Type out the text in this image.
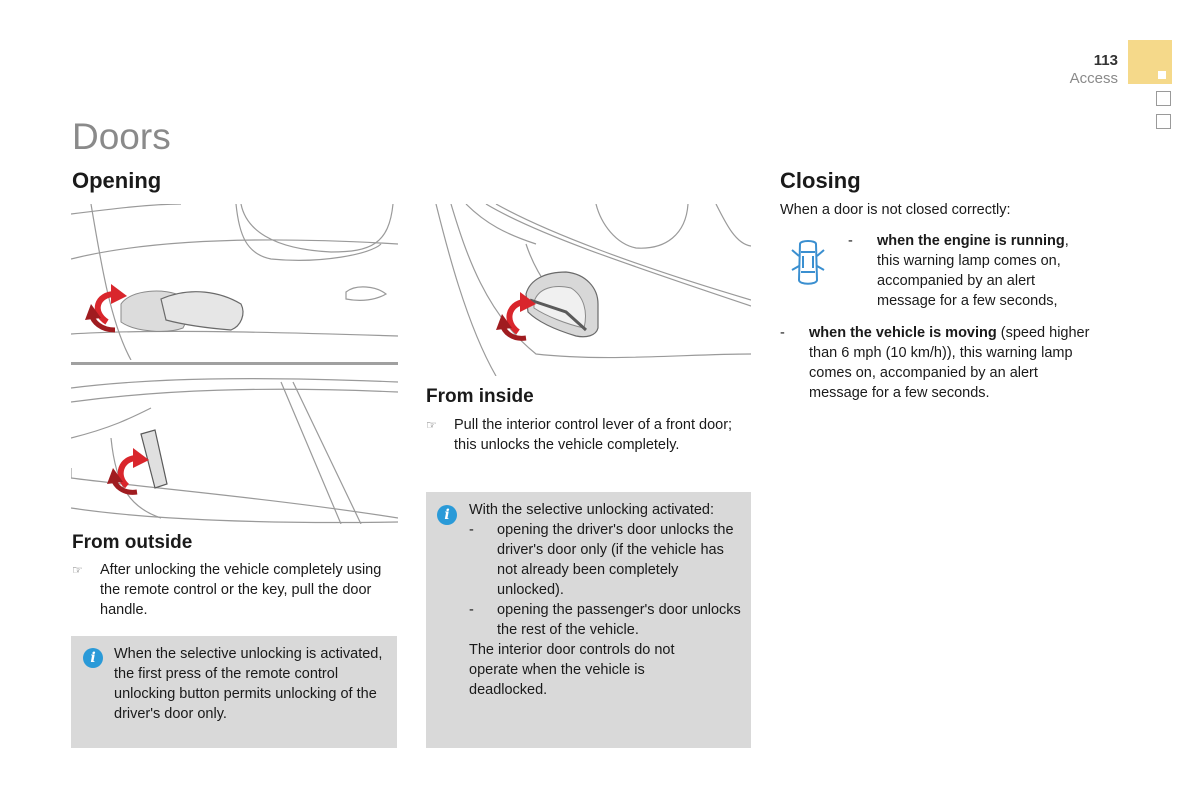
113
Access
Doors
Opening
From outside
☞ After unlocking the vehicle completely using the remote control or the key, pull the door handle.
i	When the selective unlocking is activated, the first press of the remote control unlocking button permits unlocking of the driver's door only.
From inside
☞ Pull the interior control lever of a front door; this unlocks the vehicle completely.
i	With the selective unlocking activated:
- opening the driver's door unlocks the driver's door only (if the vehicle has not already been completely unlocked).
- opening the passenger's door unlocks the rest of the vehicle.
The interior door controls do not operate when the vehicle is deadlocked.
Closing
When a door is not closed correctly:
- when the engine is running, this warning lamp comes on, accompanied by an alert message for a few seconds,
- when the vehicle is moving (speed higher than 6 mph (10 km/h)), this warning lamp comes on, accompanied by an alert message for a few seconds.
